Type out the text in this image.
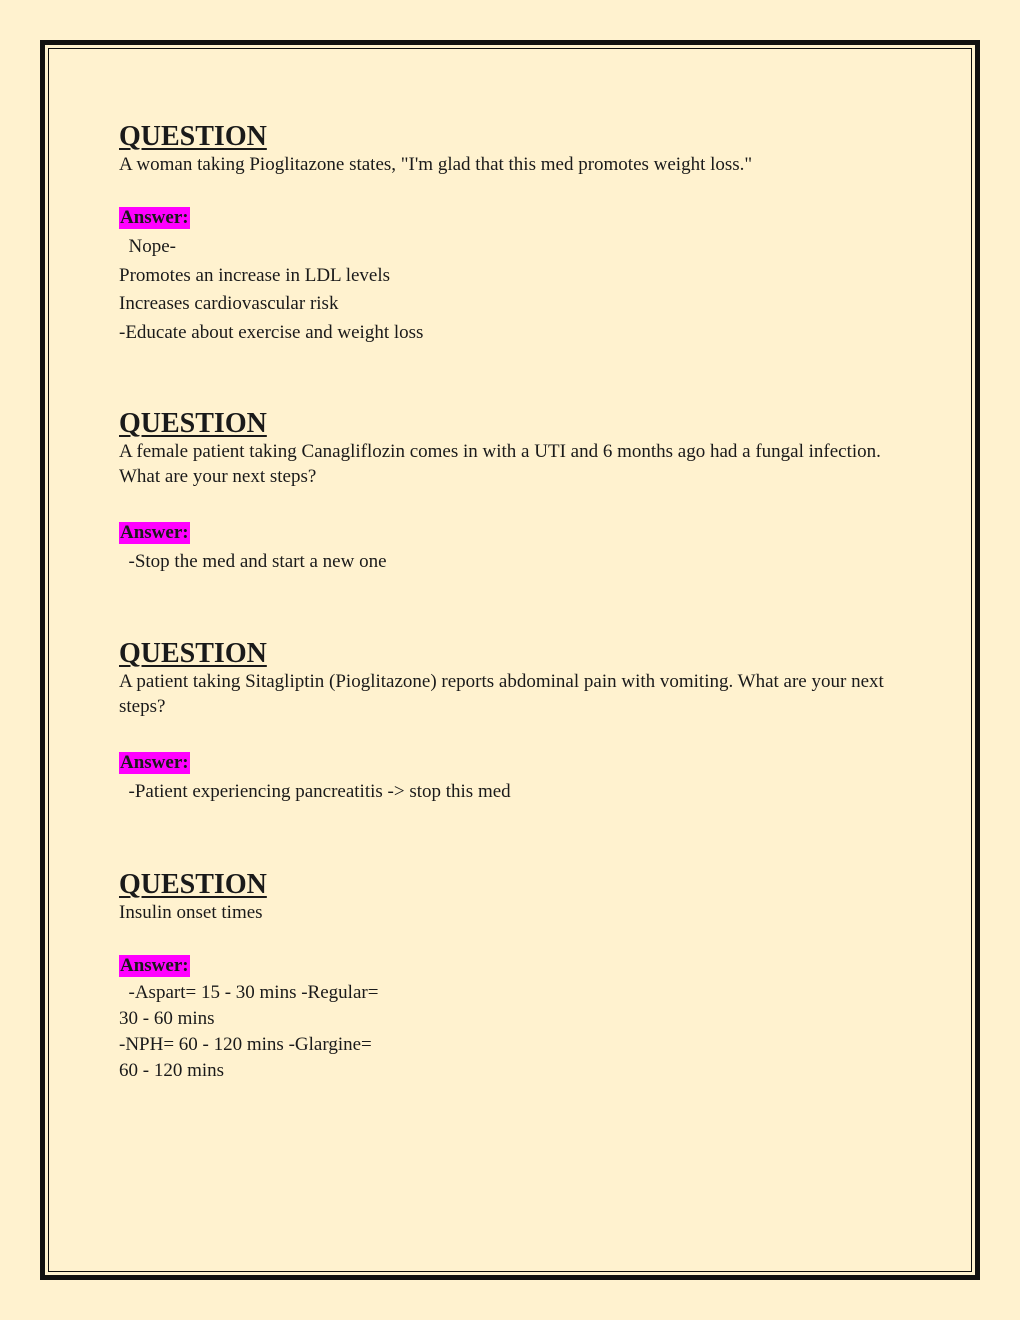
QUESTION

A woman taking Pioglitazone states, "I'm glad that this med promotes weight loss."

Answer:

Nope-

Promotes an increase in LDL levels

Increases cardiovascular risk

-Educate about exercise and weight loss

QUESTION

A female patient taking Canagliflozin comes in with a UTI and 6 months ago had a fungal infection. What are your next steps?

Answer:

-Stop the med and start a new one

QUESTION

A patient taking Sitagliptin (Pioglitazone) reports abdominal pain with vomiting. What are your next steps?

Answer:

-Patient experiencing pancreatitis -> stop this med

QUESTION

Insulin onset times

Answer:

-Aspart= 15 - 30 mins -Regular=

30 - 60 mins

-NPH= 60 - 120 mins -Glargine=

60 - 120 mins
